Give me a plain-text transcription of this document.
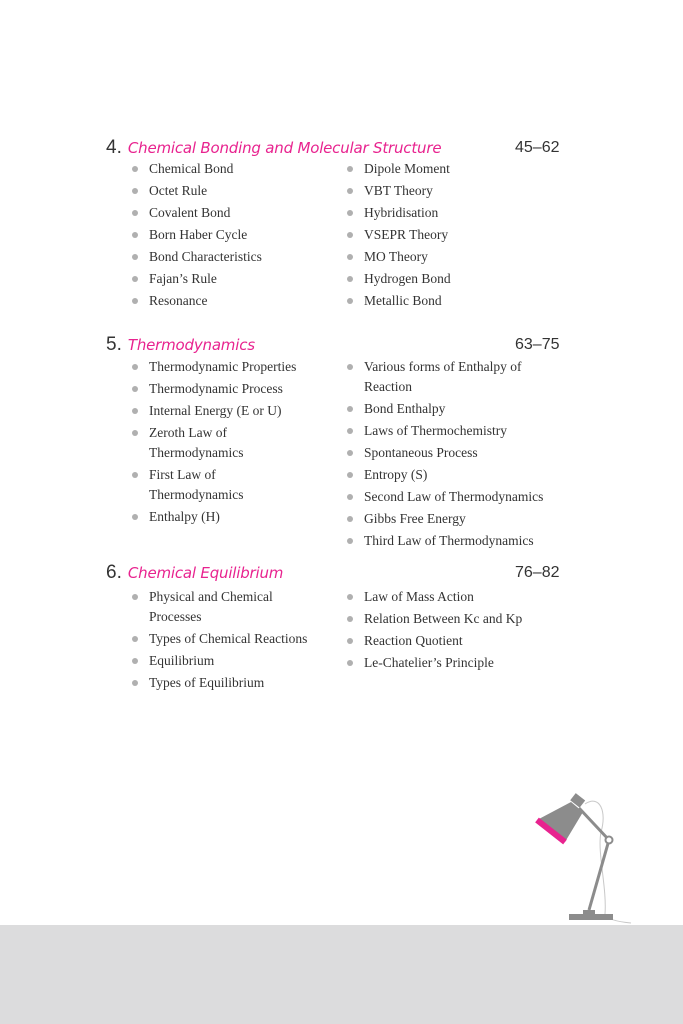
4. Chemical Bonding and Molecular Structure	45–62
Chemical Bond
Octet Rule
Covalent Bond
Born Haber Cycle
Bond Characteristics
Fajan’s Rule
Resonance
Dipole Moment
VBT Theory
Hybridisation
VSEPR Theory
MO Theory
Hydrogen Bond
Metallic Bond
5. Thermodynamics	63–75
Thermodynamic Properties
Thermodynamic Process
Internal Energy (E or U)
Zeroth Law of Thermodynamics
First Law of Thermodynamics
Enthalpy (H)
Various forms of Enthalpy of Reaction
Bond Enthalpy
Laws of Thermochemistry
Spontaneous Process
Entropy (S)
Second Law of Thermodynamics
Gibbs Free Energy
Third Law of Thermodynamics
6. Chemical Equilibrium	76–82
Physical and Chemical Processes
Types of Chemical Reactions
Equilibrium
Types of Equilibrium
Law of Mass Action
Relation Between Kc and Kp
Reaction Quotient
Le-Chatelier’s Principle
